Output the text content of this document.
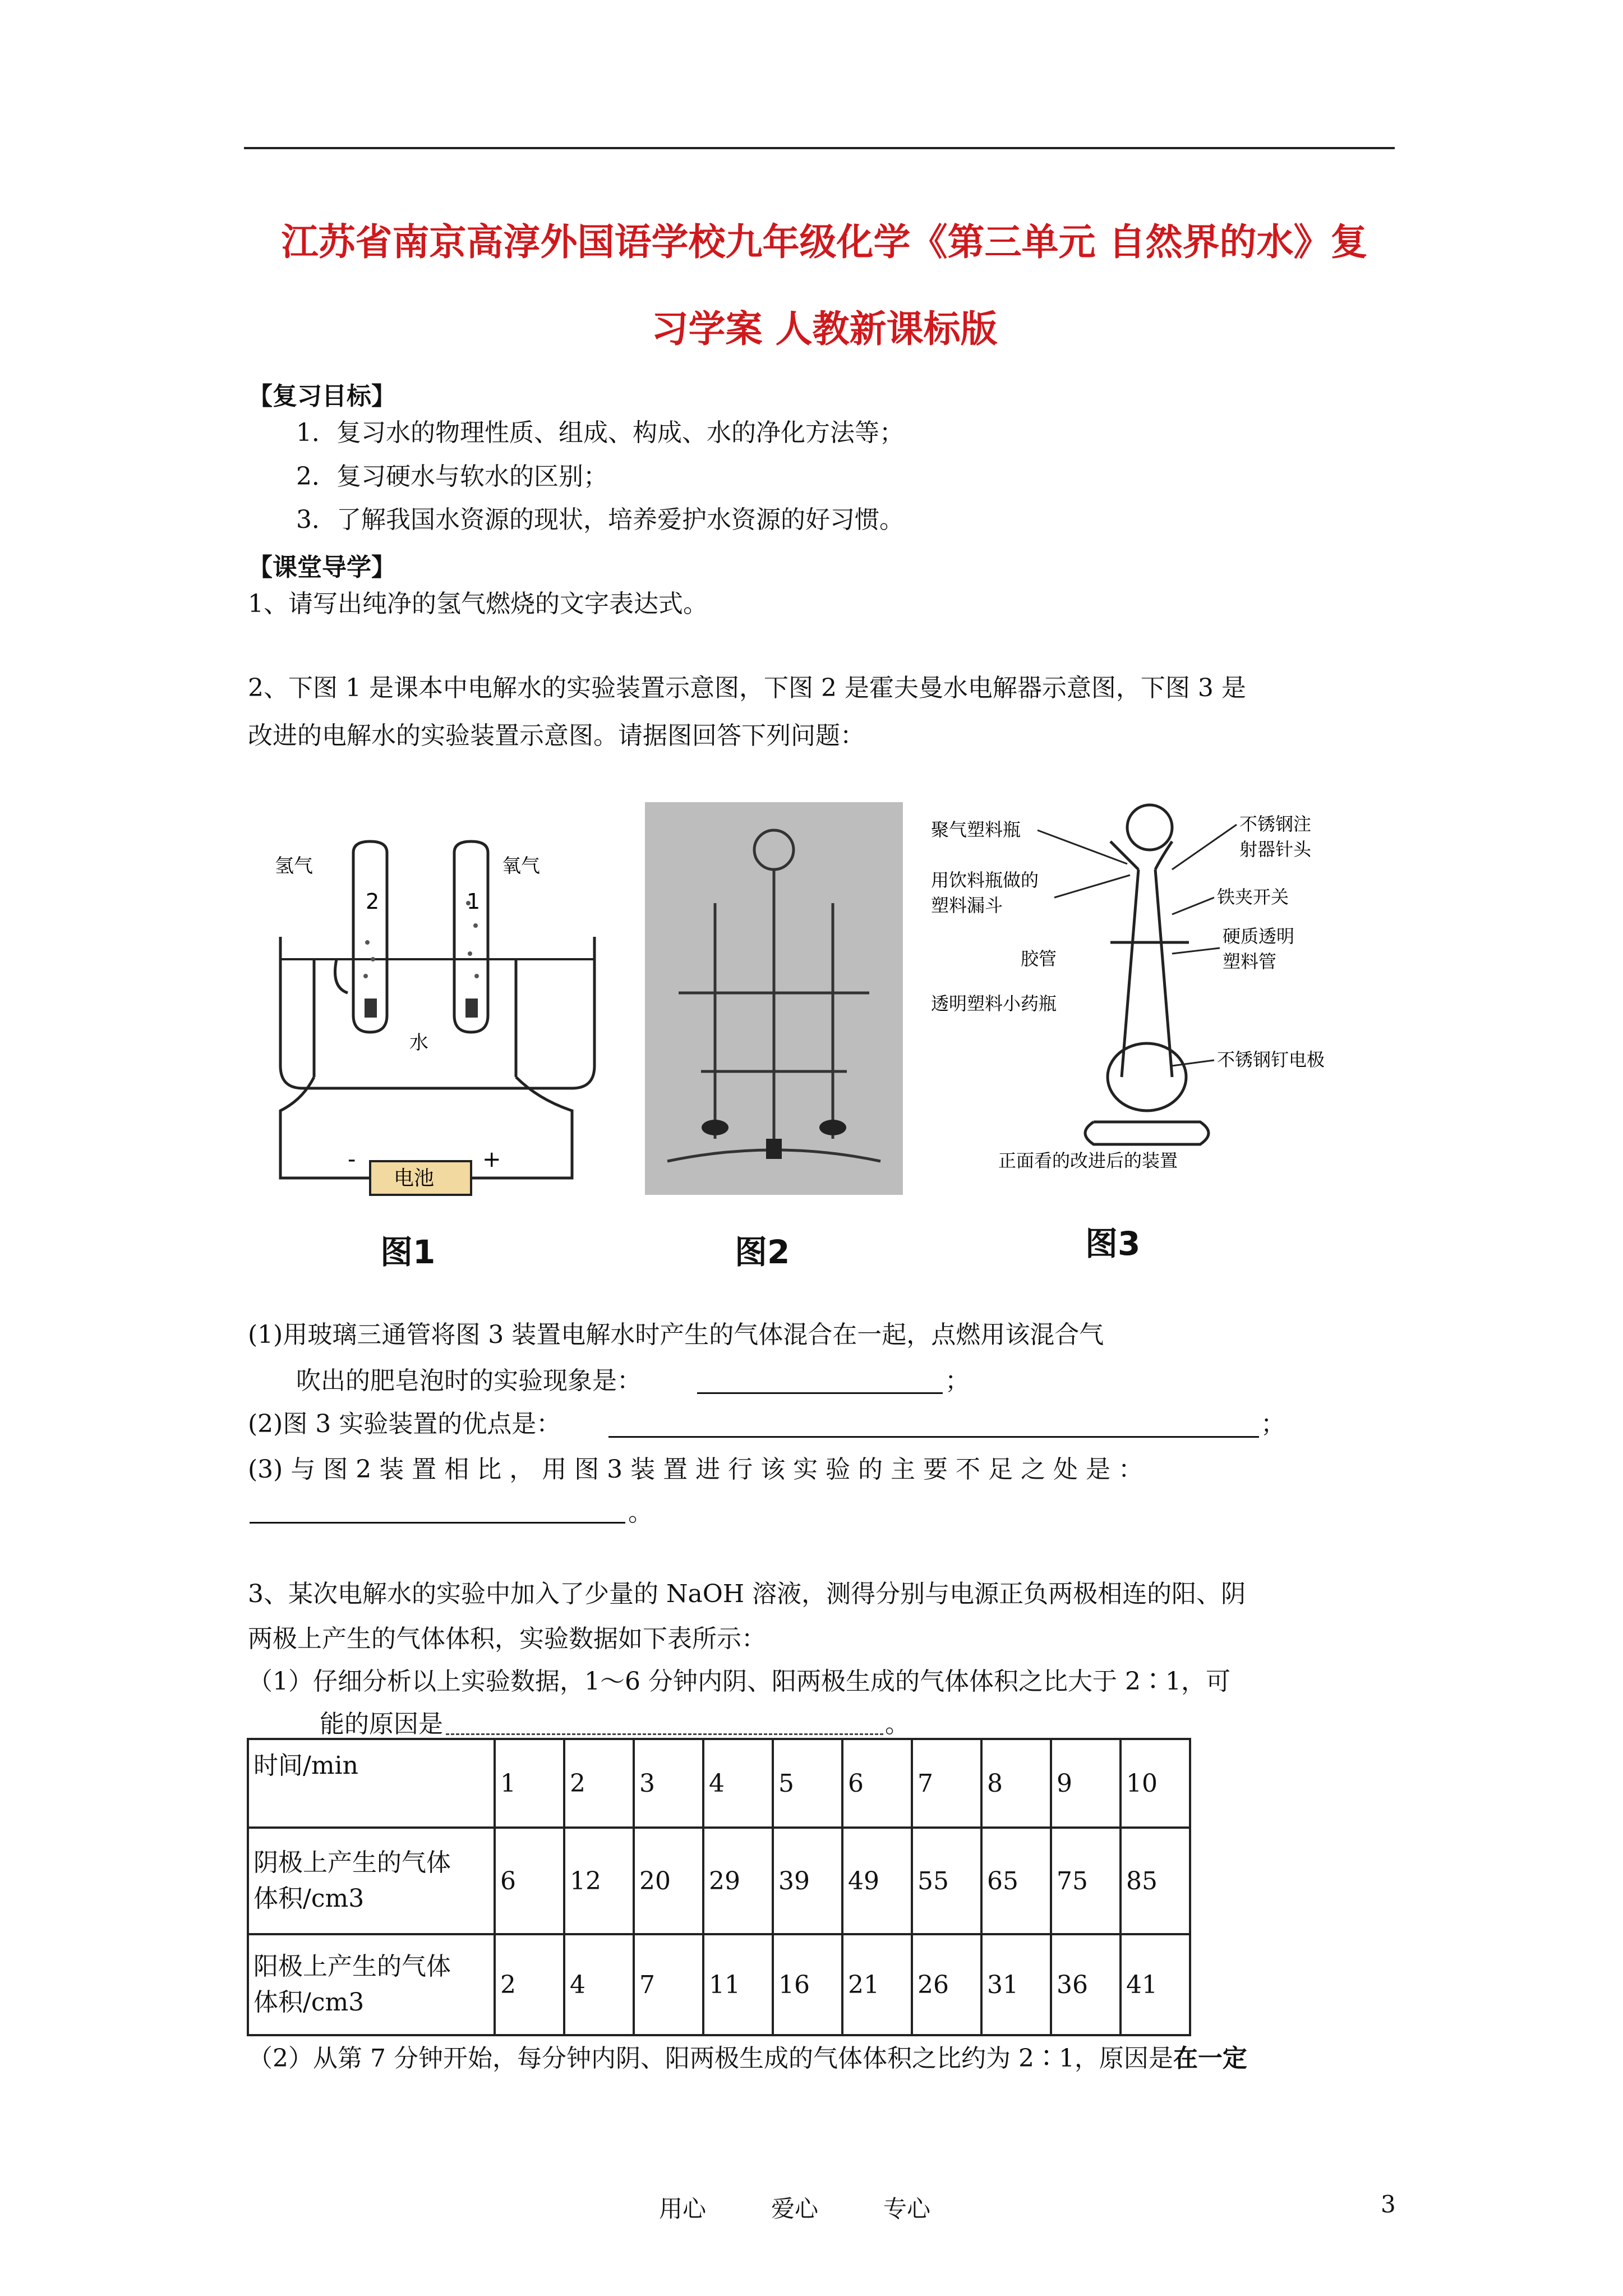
江苏省南京高淳外国语学校九年级化学《第三单元 自然界的水》复
习学案 人教新课标版
【复习目标】
1．复习水的物理性质、组成、构成、水的净化方法等；
2．复习硬水与软水的区别；
3．了解我国水资源的现状，培养爱护水资源的好习惯。
【课堂导学】
1、请写出纯净的氢气燃烧的文字表达式。
2、下图 1 是课本中电解水的实验装置示意图，下图 2 是霍夫曼水电解器示意图，下图 3 是
改进的电解水的实验装置示意图。请据图回答下列问题：
氢气	氧气
2	1
水
电池
-	+
图1	图2
聚气塑料瓶
用饮料瓶做的
塑料漏斗
胶管
透明塑料小药瓶
不锈钢注
射器针头
铁夹开关
硬质透明
塑料管
不锈钢钉电极
正面看的改进后的装置
图3
(1)用玻璃三通管将图 3 装置电解水时产生的气体混合在一起，点燃用该混合气
吹出的肥皂泡时的实验现象是：	；
(2)图 3 实验装置的优点是：	；
(3) 与 图 2 装 置 相 比 ， 用 图 3 装 置 进 行 该 实 验 的 主 要 不 足 之 处 是 ：
。
3、某次电解水的实验中加入了少量的 NaOH 溶液，测得分别与电源正负两极相连的阳、阴
两极上产生的气体体积，实验数据如下表所示：
（1）仔细分析以上实验数据，1～6 分钟内阴、阳两极生成的气体体积之比大于 2∶1，可
能的原因是	。
时间/min	1	2	3	4	5	6	7	8	9	10

阴极上产生的气体
体积/cm3	6	12	20	29	39	49	55	65	75	85

阳极上产生的气体
体积/cm3	2	4	7	11	16	21	26	31	36	41
（2）从第 7 分钟开始，每分钟内阴、阳两极生成的气体体积之比约为 2∶1，原因是在一定
用心	爱心	专心	3
